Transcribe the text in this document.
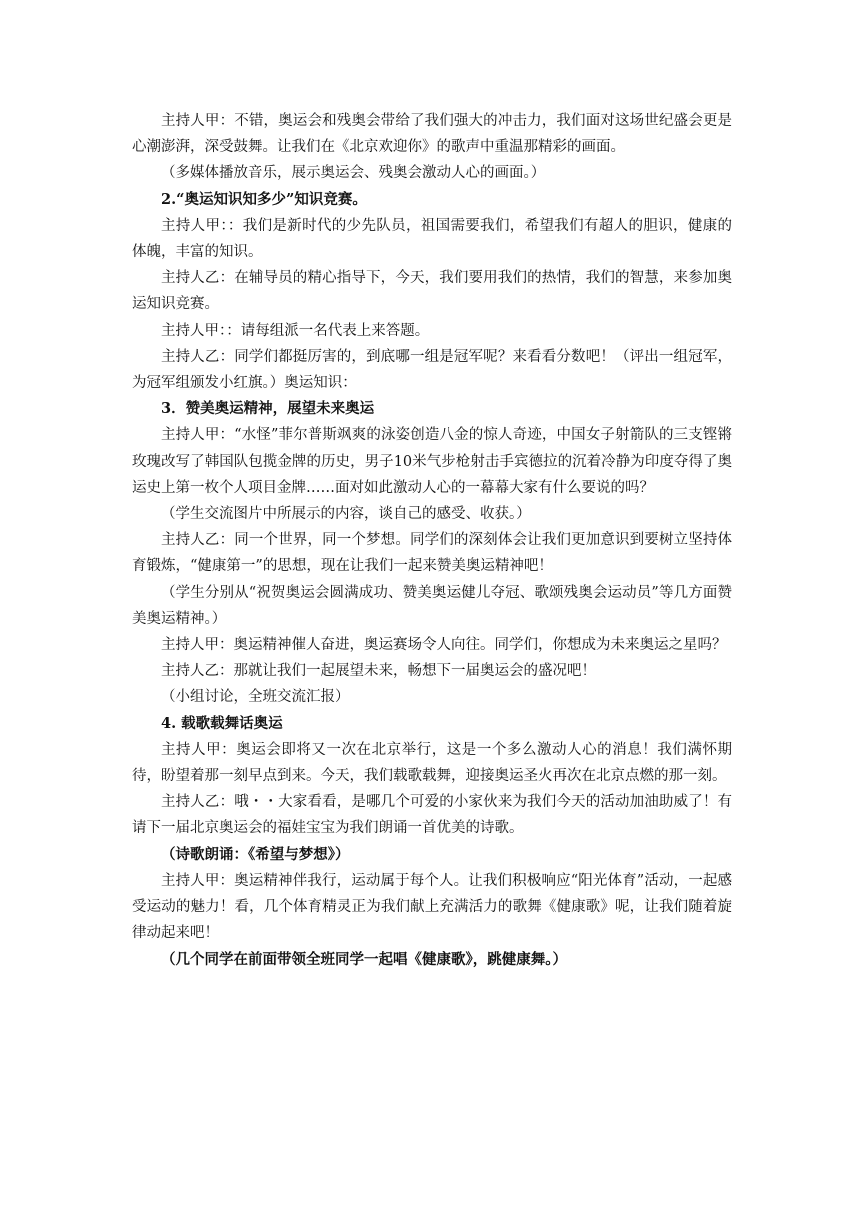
主持人甲：不错，奥运会和残奥会带给了我们强大的冲击力，我们面对这场世纪盛会更是心潮澎湃，深受鼓舞。让我们在《北京欢迎你》的歌声中重温那精彩的画面。

（多媒体播放音乐，展示奥运会、残奥会激动人心的画面。）

2.“奥运知识知多少”知识竞赛。

主持人甲：：我们是新时代的少先队员，祖国需要我们，希望我们有超人的胆识，健康的体魄，丰富的知识。

主持人乙：在辅导员的精心指导下，今天，我们要用我们的热情，我们的智慧，来参加奥运知识竞赛。

主持人甲：：请每组派一名代表上来答题。

主持人乙：同学们都挺厉害的，到底哪一组是冠军呢？来看看分数吧！（评出一组冠军，为冠军组颁发小红旗。）奥运知识：

3．赞美奥运精神，展望未来奥运

主持人甲：“水怪”菲尔普斯飒爽的泳姿创造八金的惊人奇迹，中国女子射箭队的三支铿锵玫瑰改写了韩国队包揽金牌的历史，男子10米气步枪射击手宾德拉的沉着冷静为印度夺得了奥运史上第一枚个人项目金牌……面对如此激动人心的一幕幕大家有什么要说的吗？

（学生交流图片中所展示的内容，谈自己的感受、收获。）

主持人乙：同一个世界，同一个梦想。同学们的深刻体会让我们更加意识到要树立坚持体育锻炼，“健康第一”的思想，现在让我们一起来赞美奥运精神吧！

（学生分别从“祝贺奥运会圆满成功、赞美奥运健儿夺冠、歌颂残奥会运动员”等几方面赞美奥运精神。）

主持人甲：奥运精神催人奋进，奥运赛场令人向往。同学们，你想成为未来奥运之星吗？

主持人乙：那就让我们一起展望未来，畅想下一届奥运会的盛况吧！

（小组讨论，全班交流汇报）

4. 载歌载舞话奥运

主持人甲：奥运会即将又一次在北京举行，这是一个多么激动人心的消息！我们满怀期待，盼望着那一刻早点到来。今天，我们载歌载舞，迎接奥运圣火再次在北京点燃的那一刻。

主持人乙：哦・・大家看看，是哪几个可爱的小家伙来为我们今天的活动加油助威了！有请下一届北京奥运会的福娃宝宝为我们朗诵一首优美的诗歌。

（诗歌朗诵：《希望与梦想》）

主持人甲：奥运精神伴我行，运动属于每个人。让我们积极响应“阳光体育”活动，一起感受运动的魅力！看，几个体育精灵正为我们献上充满活力的歌舞《健康歌》呢，让我们随着旋律动起来吧！

（几个同学在前面带领全班同学一起唱《健康歌》，跳健康舞。）
